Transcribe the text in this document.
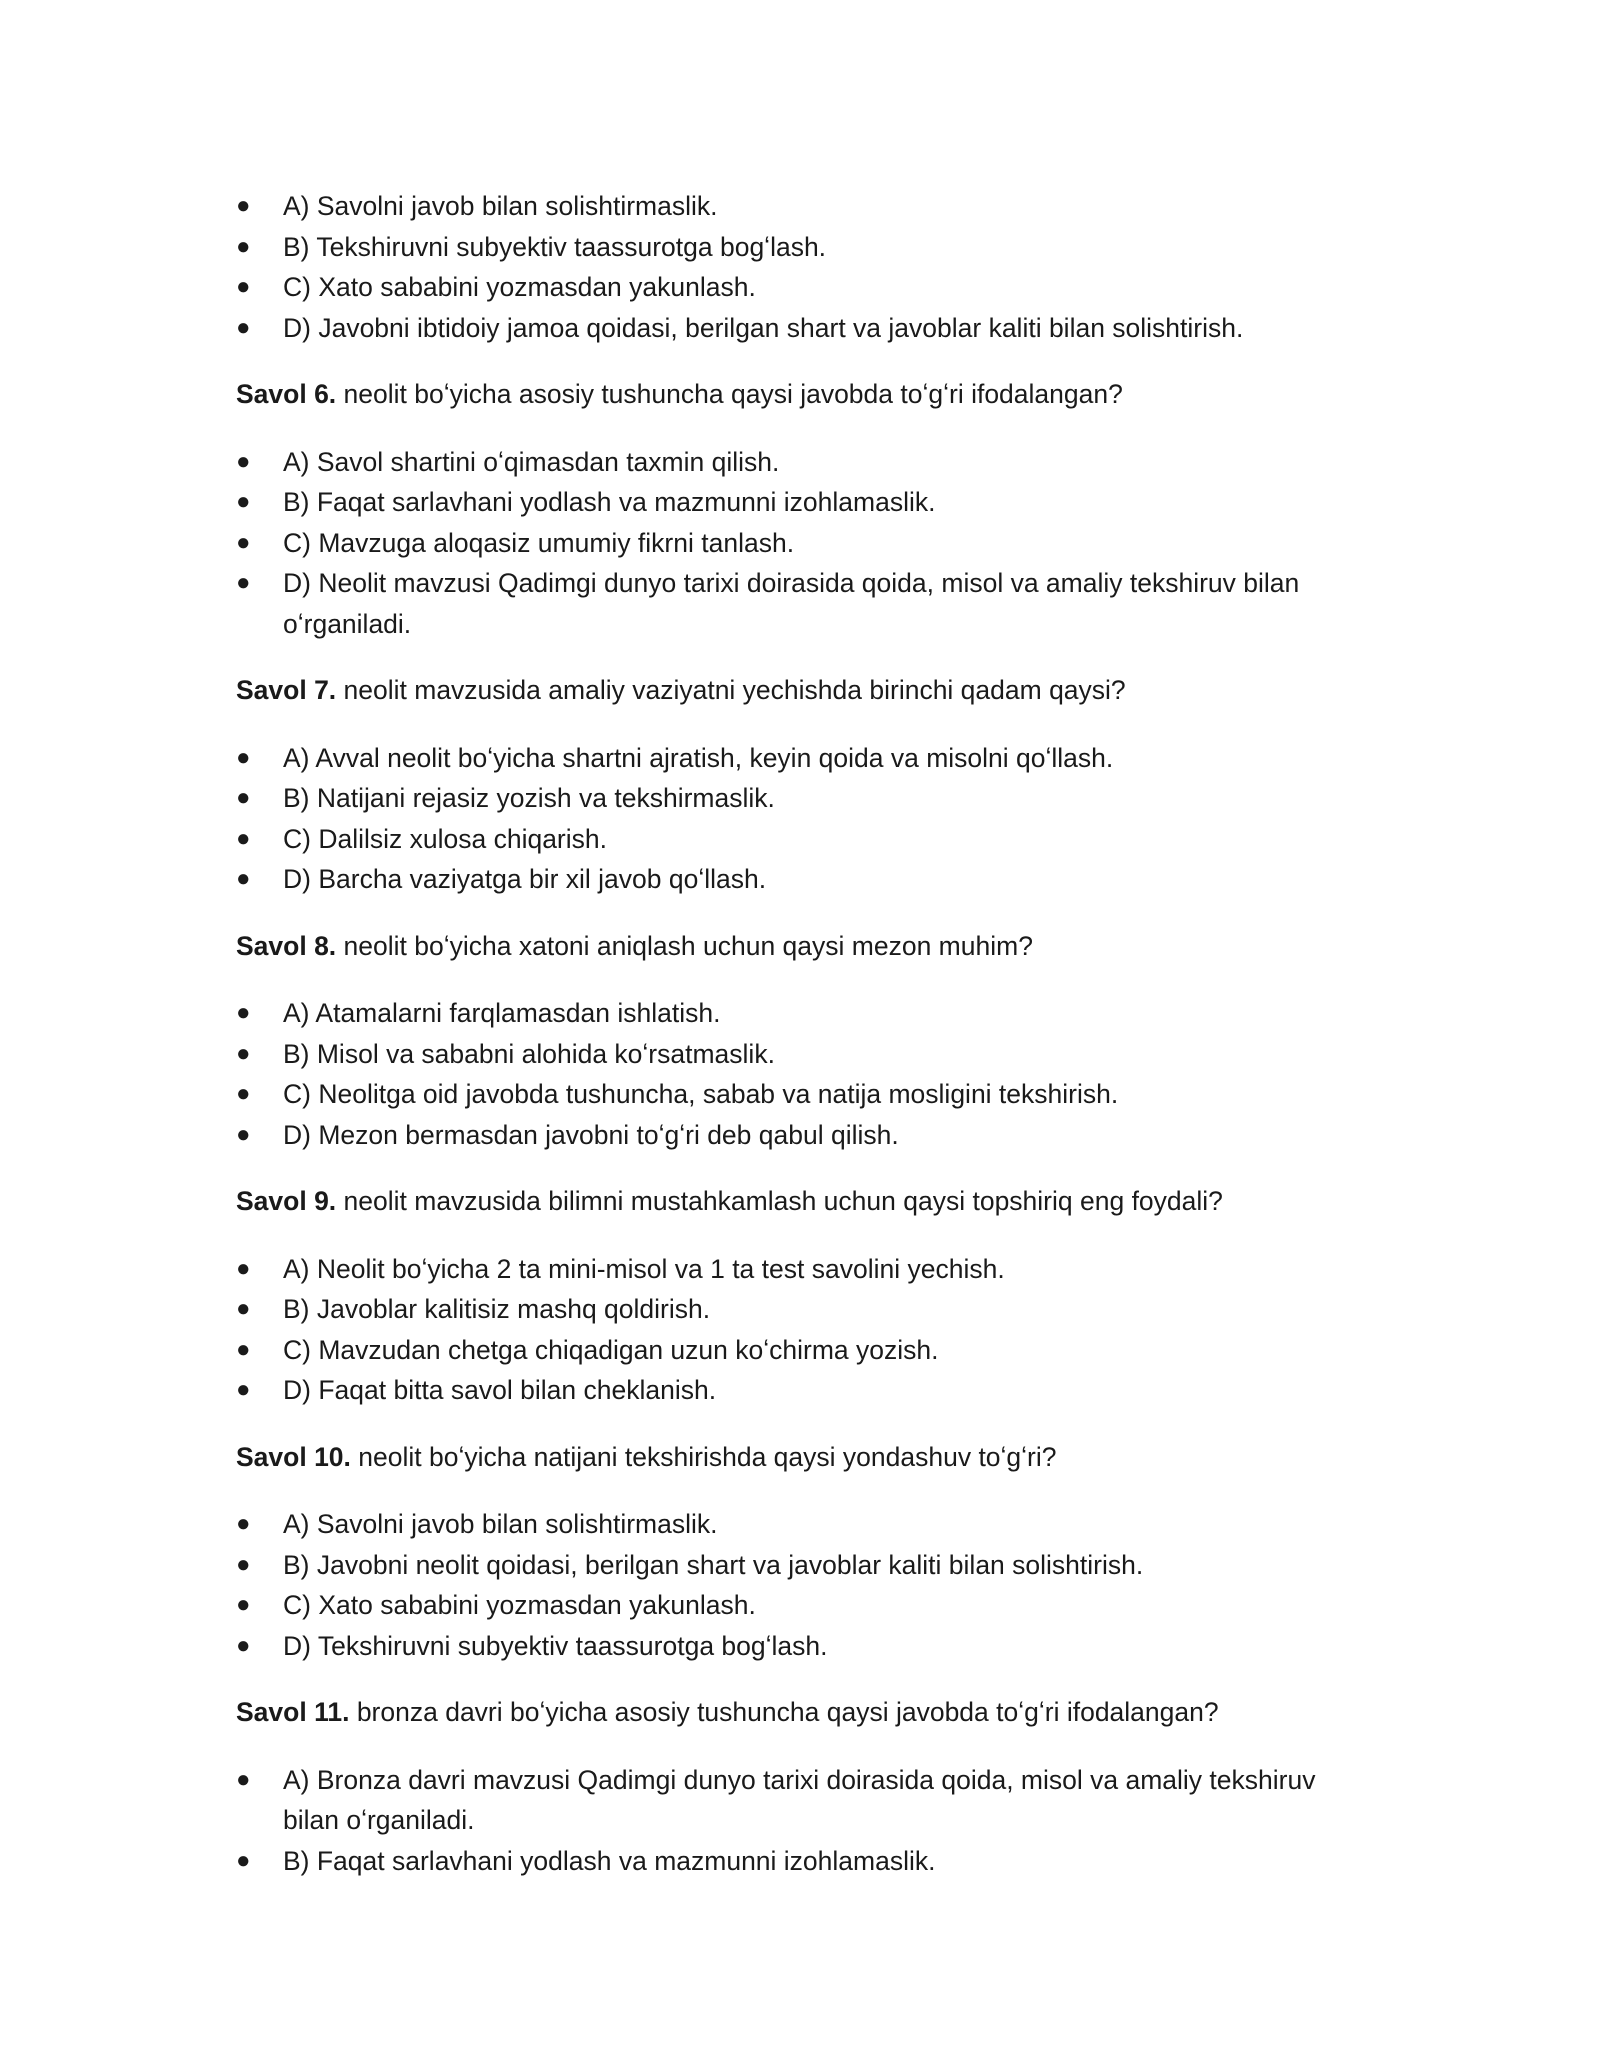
● A) Savolni javob bilan solishtirmaslik.
● B) Tekshiruvni subyektiv taassurotga bogʻlash.
● C) Xato sababini yozmasdan yakunlash.
● D) Javobni ibtidoiy jamoa qoidasi, berilgan shart va javoblar kaliti bilan solishtirish.

Savol 6. neolit boʻyicha asosiy tushuncha qaysi javobda toʻgʻri ifodalangan?

● A) Savol shartini oʻqimasdan taxmin qilish.
● B) Faqat sarlavhani yodlash va mazmunni izohlamaslik.
● C) Mavzuga aloqasiz umumiy fikrni tanlash.
● D) Neolit mavzusi Qadimgi dunyo tarixi doirasida qoida, misol va amaliy tekshiruv bilan oʻrganiladi.

Savol 7. neolit mavzusida amaliy vaziyatni yechishda birinchi qadam qaysi?

● A) Avval neolit boʻyicha shartni ajratish, keyin qoida va misolni qoʻllash.
● B) Natijani rejasiz yozish va tekshirmaslik.
● C) Dalilsiz xulosa chiqarish.
● D) Barcha vaziyatga bir xil javob qoʻllash.

Savol 8. neolit boʻyicha xatoni aniqlash uchun qaysi mezon muhim?

● A) Atamalarni farqlamasdan ishlatish.
● B) Misol va sababni alohida koʻrsatmaslik.
● C) Neolitga oid javobda tushuncha, sabab va natija mosligini tekshirish.
● D) Mezon bermasdan javobni toʻgʻri deb qabul qilish.

Savol 9. neolit mavzusida bilimni mustahkamlash uchun qaysi topshiriq eng foydali?

● A) Neolit boʻyicha 2 ta mini-misol va 1 ta test savolini yechish.
● B) Javoblar kalitisiz mashq qoldirish.
● C) Mavzudan chetga chiqadigan uzun koʻchirma yozish.
● D) Faqat bitta savol bilan cheklanish.

Savol 10. neolit boʻyicha natijani tekshirishda qaysi yondashuv toʻgʻri?

● A) Savolni javob bilan solishtirmaslik.
● B) Javobni neolit qoidasi, berilgan shart va javoblar kaliti bilan solishtirish.
● C) Xato sababini yozmasdan yakunlash.
● D) Tekshiruvni subyektiv taassurotga bogʻlash.

Savol 11. bronza davri boʻyicha asosiy tushuncha qaysi javobda toʻgʻri ifodalangan?

● A) Bronza davri mavzusi Qadimgi dunyo tarixi doirasida qoida, misol va amaliy tekshiruv bilan oʻrganiladi.
● B) Faqat sarlavhani yodlash va mazmunni izohlamaslik.
